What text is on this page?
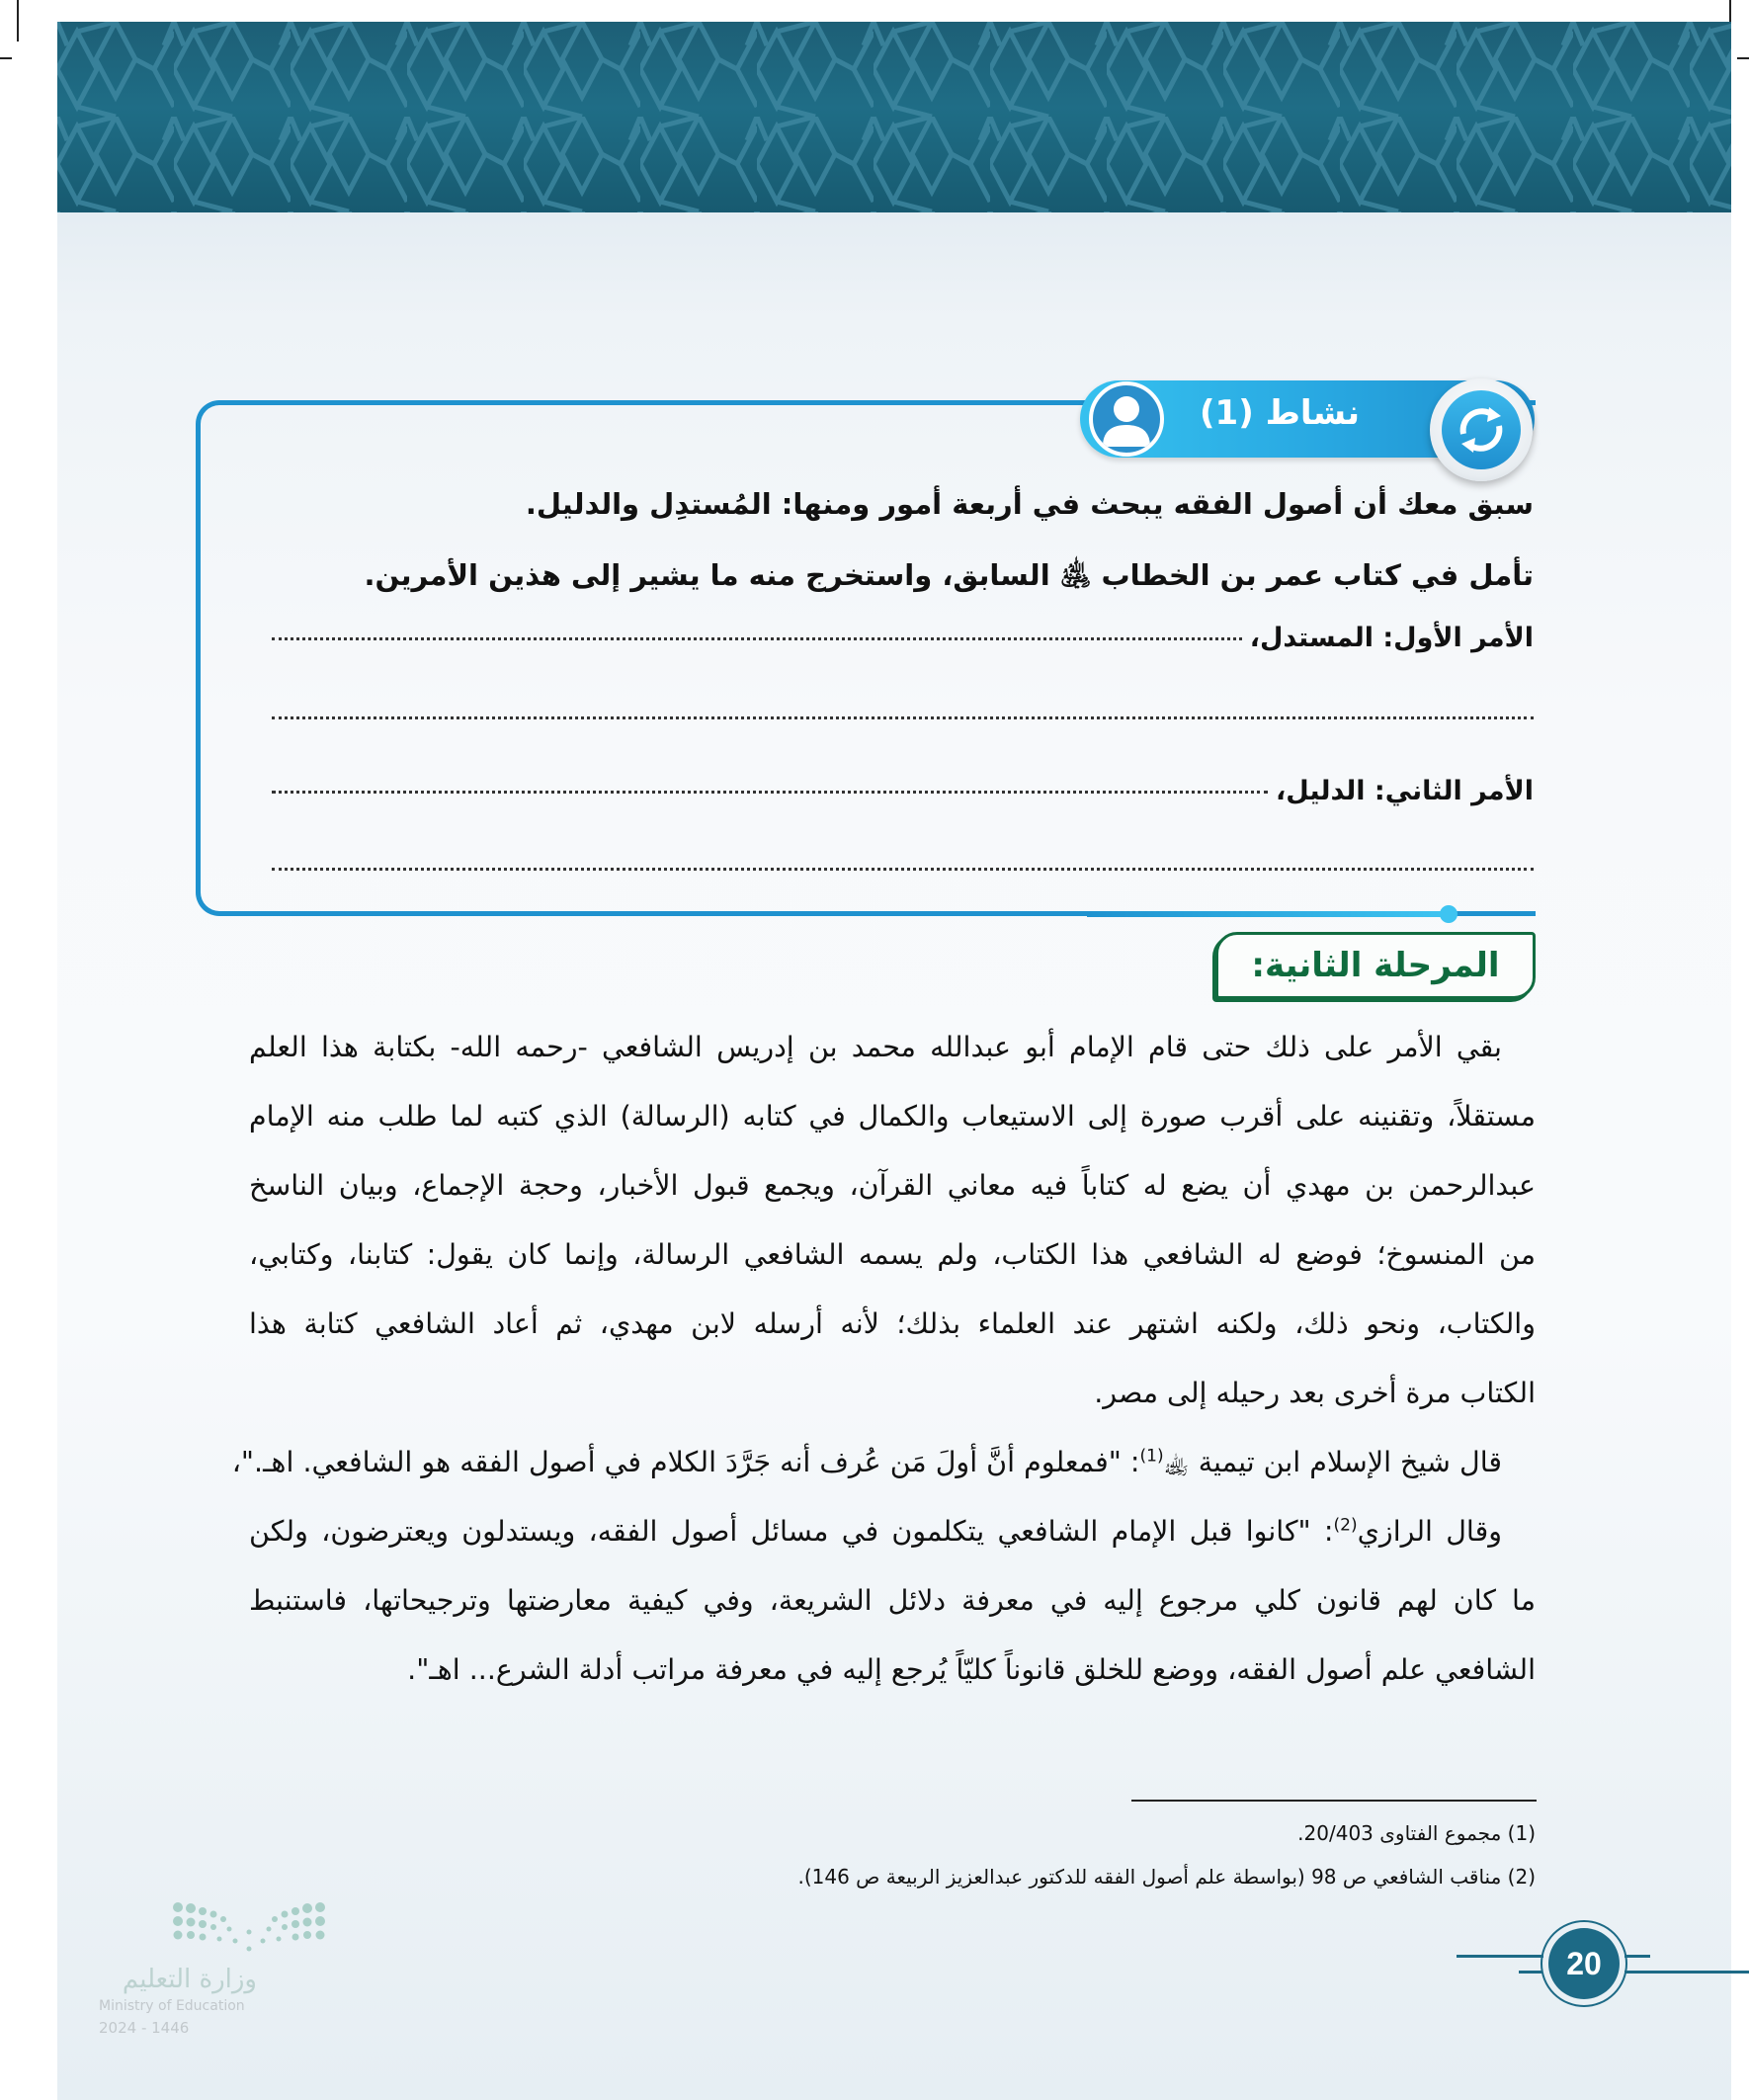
نشاط (1)
سبق معك أن أصول الفقه يبحث في أربعة أمور ومنها: المُستدِل والدليل.
تأمل في كتاب عمر بن الخطاب ﵁ السابق، واستخرج منه ما يشير إلى هذين الأمرين.
الأمر الأول: المستدل،
الأمر الثاني: الدليل،
المرحلة الثانية:
بقي الأمر على ذلك حتى قام الإمام أبو عبدالله محمد بن إدريس الشافعي -رحمه الله- بكتابة هذا العلم
مستقلاً، وتقنينه على أقرب صورة إلى الاستيعاب والكمال في كتابه (الرسالة) الذي كتبه لما طلب منه الإمام
عبدالرحمن بن مهدي أن يضع له كتاباً فيه معاني القرآن، ويجمع قبول الأخبار، وحجة الإجماع، وبيان الناسخ
من المنسوخ؛ فوضع له الشافعي هذا الكتاب، ولم يسمه الشافعي الرسالة، وإنما كان يقول: كتابنا، وكتابي،
والكتاب، ونحو ذلك، ولكنه اشتهر عند العلماء بذلك؛ لأنه أرسله لابن مهدي، ثم أعاد الشافعي كتابة هذا
الكتاب مرة أخرى بعد رحيله إلى مصر.
قال شيخ الإسلام ابن تيمية ﵀$^{(1)}$: "فمعلوم أنَّ أولَ مَن عُرف أنه جَرَّدَ الكلام في أصول الفقه هو الشافعي. اهـ."،
وقال الرازي$^{(2)}$: "كانوا قبل الإمام الشافعي يتكلمون في مسائل أصول الفقه، ويستدلون ويعترضون، ولكن
ما كان لهم قانون كلي مرجوع إليه في معرفة دلائل الشريعة، وفي كيفية معارضتها وترجيحاتها، فاستنبط
الشافعي علم أصول الفقه، ووضع للخلق قانوناً كليّاً يُرجع إليه في معرفة مراتب أدلة الشرع... اهـ".
(1) مجموع الفتاوى 20/403.
(2) مناقب الشافعي ص 98 (بواسطة علم أصول الفقه للدكتور عبدالعزيز الربيعة ص 146).
وزارة التعليم
Ministry of Education
2024 - 1446
20
